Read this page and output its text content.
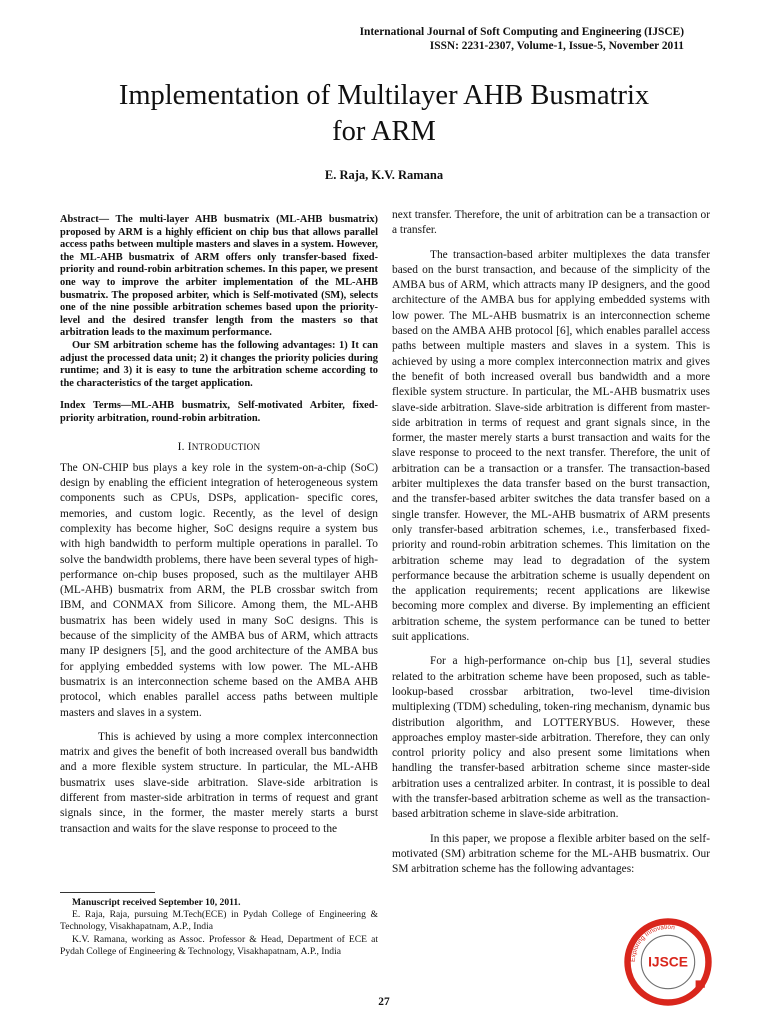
International Journal of Soft Computing and Engineering (IJSCE)
ISSN: 2231-2307, Volume-1, Issue-5, November 2011
Implementation of Multilayer AHB Busmatrix
for ARM
E. Raja, K.V. Ramana

Abstract— The multi-layer AHB busmatrix (ML-AHB busmatrix) proposed by ARM is a highly efficient on chip bus that allows parallel access paths between multiple masters and slaves in a system. However, the ML-AHB busmatrix of ARM offers only transfer-based fixed-priority and round-robin arbitration schemes. In this paper, we present one way to improve the arbiter implementation of the ML-AHB busmatrix. The proposed arbiter, which is Self-motivated (SM), selects one of the nine possible arbitration schemes based upon the priority-level and the desired transfer length from the masters so that arbitration leads to the maximum performance.

Our SM arbitration scheme has the following advantages: 1) It can adjust the processed data unit; 2) it changes the priority policies during runtime; and 3) it is easy to tune the arbitration scheme according to the characteristics of the target application.

Index Terms—ML-AHB busmatrix, Self-motivated Arbiter, fixed-priority arbitration, round-robin arbitration.

I. INTRODUCTION

The ON-CHIP bus plays a key role in the system-on-a-chip (SoC) design by enabling the efficient integration of heterogeneous system components such as CPUs, DSPs, application- specific cores, memories, and custom logic. Recently, as the level of design complexity has become higher, SoC designs require a system bus with high bandwidth to perform multiple operations in parallel. To solve the bandwidth problems, there have been several types of high-performance on-chip buses proposed, such as the multilayer AHB (ML-AHB) busmatrix from ARM, the PLB crossbar switch from IBM, and CONMAX from Silicore. Among them, the ML-AHB busmatrix has been widely used in many SoC designs. This is because of the simplicity of the AMBA bus of ARM, which attracts many IP designers [5], and the good architecture of the AMBA bus for applying embedded systems with low power. The ML-AHB busmatrix is an interconnection scheme based on the AMBA AHB protocol, which enables parallel access paths between multiple masters and slaves in a system.

This is achieved by using a more complex interconnection matrix and gives the benefit of both increased overall bus bandwidth and a more flexible system structure. In particular, the ML-AHB busmatrix uses slave-side arbitration. Slave-side arbitration is different from master-side arbitration in terms of request and grant signals since, in the former, the master merely starts a burst transaction and waits for the slave response to proceed to the

next transfer. Therefore, the unit of arbitration can be a transaction or a transfer.

The transaction-based arbiter multiplexes the data transfer based on the burst transaction, and because of the simplicity of the AMBA bus of ARM, which attracts many IP designers, and the good architecture of the AMBA bus for applying embedded systems with low power. The ML-AHB busmatrix is an interconnection scheme based on the AMBA AHB protocol [6], which enables parallel access paths between multiple masters and slaves in a system. This is achieved by using a more complex interconnection matrix and gives the benefit of both increased overall bus bandwidth and a more flexible system structure. In particular, the ML-AHB busmatrix uses slave-side arbitration. Slave-side arbitration is different from master-side arbitration in terms of request and grant signals since, in the former, the master merely starts a burst transaction and waits for the slave response to proceed to the next transfer. Therefore, the unit of arbitration can be a transaction or a transfer. The transaction-based arbiter multiplexes the data transfer based on the burst transaction, and the transfer-based arbiter switches the data transfer based on a single transfer. However, the ML-AHB busmatrix of ARM presents only transfer-based arbitration schemes, i.e., transferbased fixed-priority and round-robin arbitration schemes. This limitation on the arbitration scheme may lead to degradation of the system performance because the arbitration scheme is usually dependent on the application requirements; recent applications are likewise becoming more complex and diverse. By implementing an efficient arbitration scheme, the system performance can be tuned to better suit applications.

For a high-performance on-chip bus [1], several studies related to the arbitration scheme have been proposed, such as table-lookup-based crossbar arbitration, two-level time-division multiplexing (TDM) scheduling, token-ring mechanism, dynamic bus distribution algorithm, and LOTTERYBUS. However, these approaches employ master-side arbitration. Therefore, they can only control priority policy and also present some limitations when handling the transfer-based arbitration scheme since master-side arbitration uses a centralized arbiter. In contrast, it is possible to deal with the transfer-based arbitration scheme as well as the transaction- based arbitration scheme in slave-side arbitration.

In this paper, we propose a flexible arbiter based on the self-motivated (SM) arbitration scheme for the ML-AHB busmatrix. Our SM arbitration scheme has the following advantages:

Manuscript received September 10, 2011.

E. Raja, Raja, pursuing M.Tech(ECE) in Pydah College of Engineering & Technology, Visakhapatnam, A.P., India

K.V. Ramana, working as Assoc. Professor & Head, Department of ECE at Pydah College of Engineering & Technology, Visakhapatnam, A.P., India

27
Exploring Innovation
IJSCE
